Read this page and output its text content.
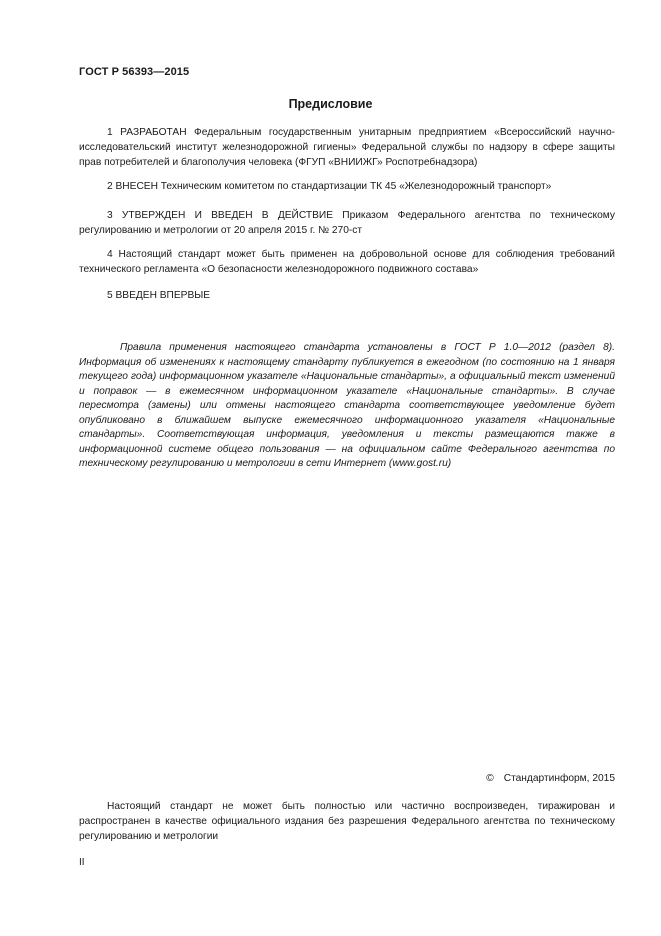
ГОСТ Р 56393—2015
Предисловие

1 РАЗРАБОТАН Федеральным государственным унитарным предприятием «Всероссийский научно-исследовательский институт железнодорожной гигиены» Федеральной службы по надзору в сфере защиты прав потребителей и благополучия человека (ФГУП «ВНИИЖГ» Роспотребнадзора)

2 ВНЕСЕН Техническим комитетом по стандартизации ТК 45 «Железнодорожный транспорт»

3 УТВЕРЖДЕН И ВВЕДЕН В ДЕЙСТВИЕ Приказом Федерального агентства по техническому регулированию и метрологии от 20 апреля 2015 г. № 270-ст

4 Настоящий стандарт может быть применен на добровольной основе для соблюдения требований технического регламента «О безопасности железнодорожного подвижного состава»

5 ВВЕДЕН ВПЕРВЫЕ

Правила применения настоящего стандарта установлены в ГОСТ Р 1.0—2012 (раздел 8). Информация об изменениях к настоящему стандарту публикуется в ежегодном (по состоянию на 1 января текущего года) информационном указателе «Национальные стандарты», а официальный текст изменений и поправок — в ежемесячном информационном указателе «Национальные стандарты». В случае пересмотра (замены) или отмены настоящего стандарта соответствующее уведомление будет опубликовано в ближайшем выпуске ежемесячного информационного указателя «Национальные стандарты». Соответствующая информация, уведомления и тексты размещаются также в информационной системе общего пользования — на официальном сайте Федерального агентства по техническому регулированию и метрологии в сети Интернет (www.gost.ru)

© Стандартинформ, 2015

Настоящий стандарт не может быть полностью или частично воспроизведен, тиражирован и распространен в качестве официального издания без разрешения Федерального агентства по техническому регулированию и метрологии

II
